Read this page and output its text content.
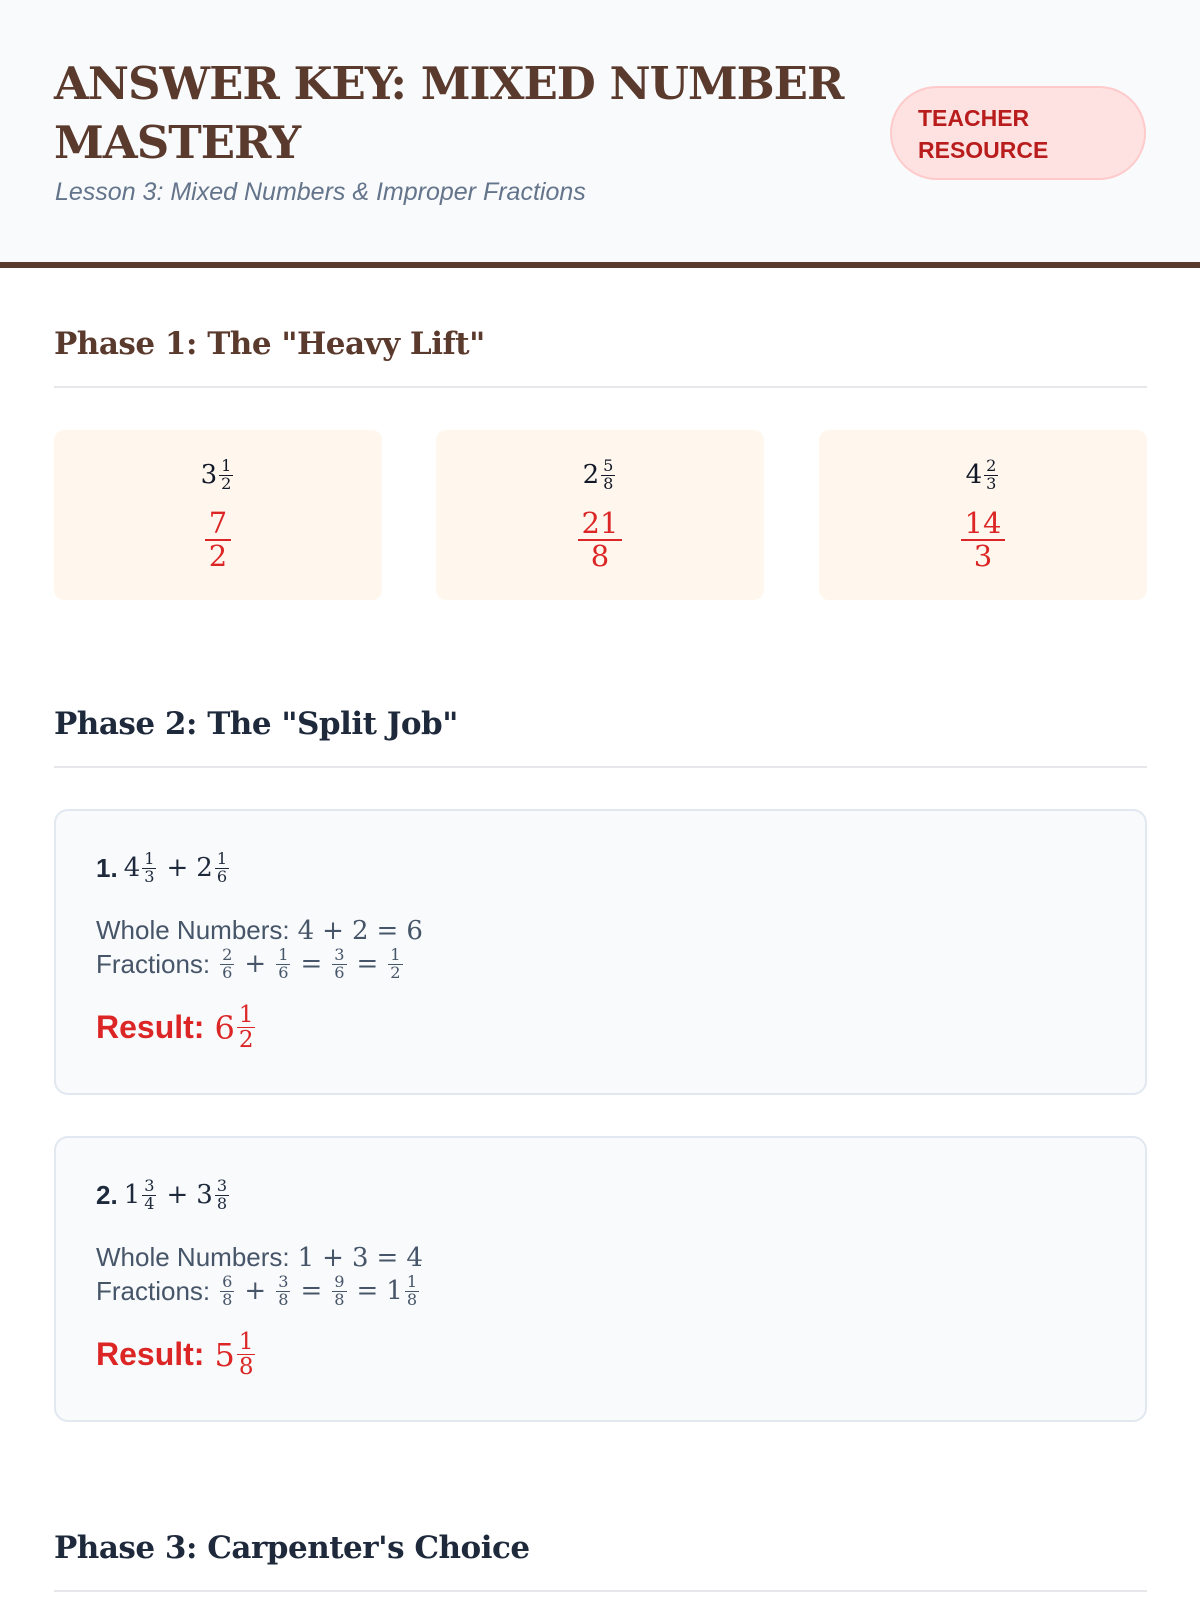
ANSWER KEY: MIXED NUMBER MASTERY
Lesson 3: Mixed Numbers & Improper Fractions
TEACHER RESOURCE
Phase 1: The "Heavy Lift"
3 1
2
7
2
2 5
8
21
8
4 2
3
14
3
Phase 2: The "Split Job"
1. 4 1
3 + 2 1
6
Whole Numbers: 4 + 2 = 6
Fractions: 2
$6 + \frac{1}{6} = \frac{3}{6} = \frac{1}{2}$
Result: 6 1
2
2. 1 3
4 + 3 3
8
Whole Numbers: 1 + 3 = 4
Fractions: 6
$8 + \frac{3}{8} = \frac{9}{8} = 1$ 1
8
Result: 5 1
8
Phase 3: Carpenter's Choice
